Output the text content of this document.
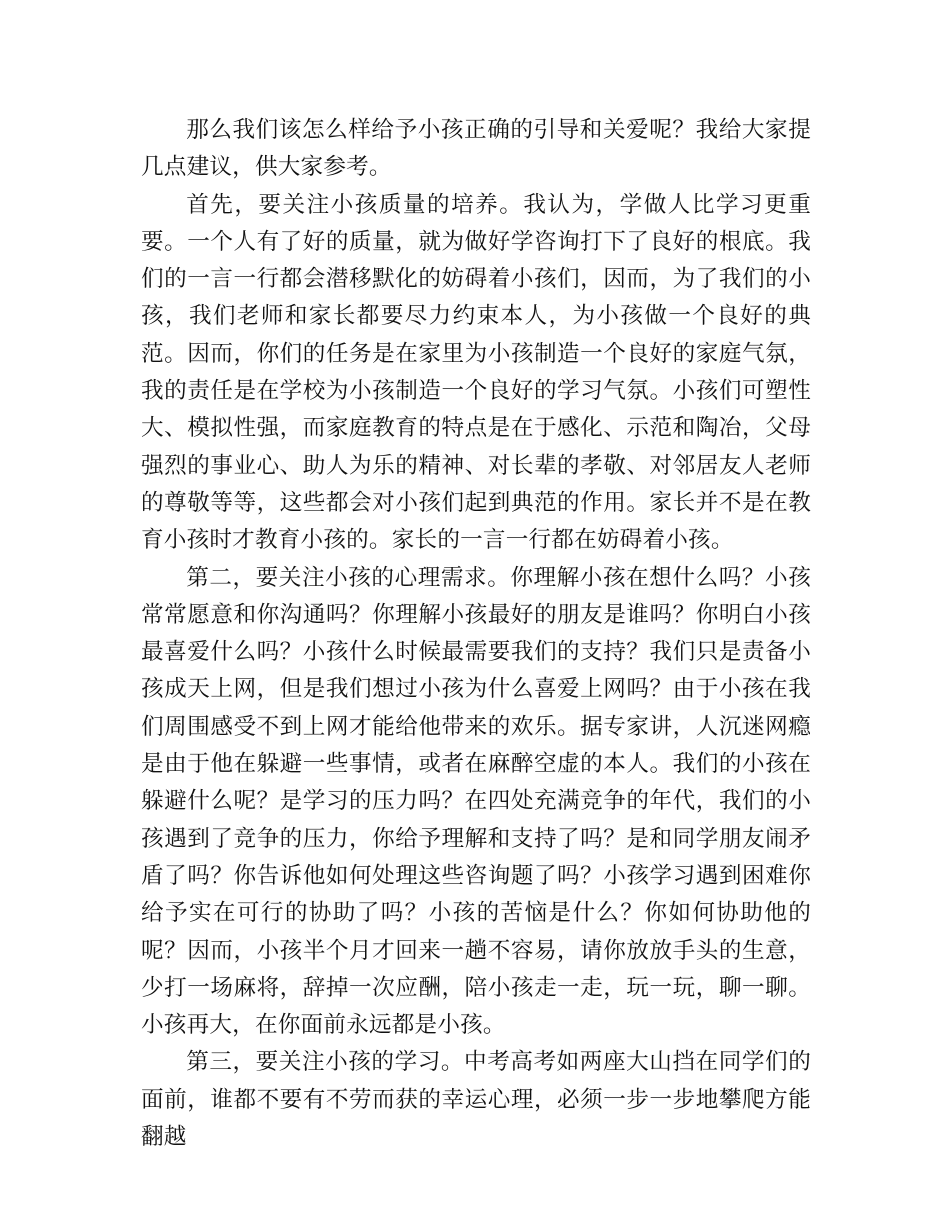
那么我们该怎么样给予小孩正确的引导和关爱呢？我给大家提几点建议，供大家参考。

首先，要关注小孩质量的培养。我认为，学做人比学习更重要。一个人有了好的质量，就为做好学咨询打下了良好的根底。我们的一言一行都会潜移默化的妨碍着小孩们，因而，为了我们的小孩，我们老师和家长都要尽力约束本人，为小孩做一个良好的典范。因而，你们的任务是在家里为小孩制造一个良好的家庭气氛，我的责任是在学校为小孩制造一个良好的学习气氛。小孩们可塑性大、模拟性强，而家庭教育的特点是在于感化、示范和陶冶，父母强烈的事业心、助人为乐的精神、对长辈的孝敬、对邻居友人老师的尊敬等等，这些都会对小孩们起到典范的作用。家长并不是在教育小孩时才教育小孩的。家长的一言一行都在妨碍着小孩。

第二，要关注小孩的心理需求。你理解小孩在想什么吗？小孩常常愿意和你沟通吗？你理解小孩最好的朋友是谁吗？你明白小孩最喜爱什么吗？小孩什么时候最需要我们的支持？我们只是责备小孩成天上网，但是我们想过小孩为什么喜爱上网吗？由于小孩在我们周围感受不到上网才能给他带来的欢乐。据专家讲，人沉迷网瘾是由于他在躲避一些事情，或者在麻醉空虚的本人。我们的小孩在躲避什么呢？是学习的压力吗？在四处充满竞争的年代，我们的小孩遇到了竞争的压力，你给予理解和支持了吗？是和同学朋友闹矛盾了吗？你告诉他如何处理这些咨询题了吗？小孩学习遇到困难你给予实在可行的协助了吗？小孩的苦恼是什么？你如何协助他的呢？因而，小孩半个月才回来一趟不容易，请你放放手头的生意，少打一场麻将，辞掉一次应酬，陪小孩走一走，玩一玩，聊一聊。小孩再大，在你面前永远都是小孩。

第三，要关注小孩的学习。中考高考如两座大山挡在同学们的面前，谁都不要有不劳而获的幸运心理，必须一步一步地攀爬方能翻越
